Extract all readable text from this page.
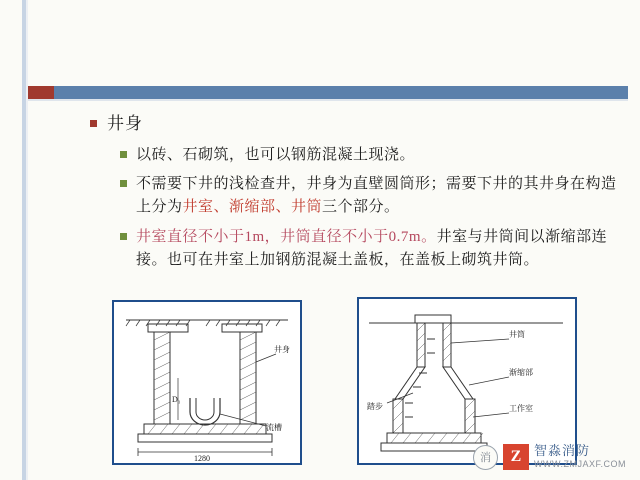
井身
以砖、石砌筑，也可以钢筋混凝土现浇。
不需要下井的浅检查井，井身为直壁圆筒形；需要下井的其井身在构造上分为井室、渐缩部、井筒三个部分。
井室直径不小于1m，井筒直径不小于0.7m。井室与井筒间以渐缩部连接。也可在井室上加钢筋混凝土盖板，在盖板上砌筑井筒。
1280
D₁
井身
流槽
井筒
渐缩部
踏步	工作室
消	Z 智淼消防
WWW.ZMJAXF.COM
